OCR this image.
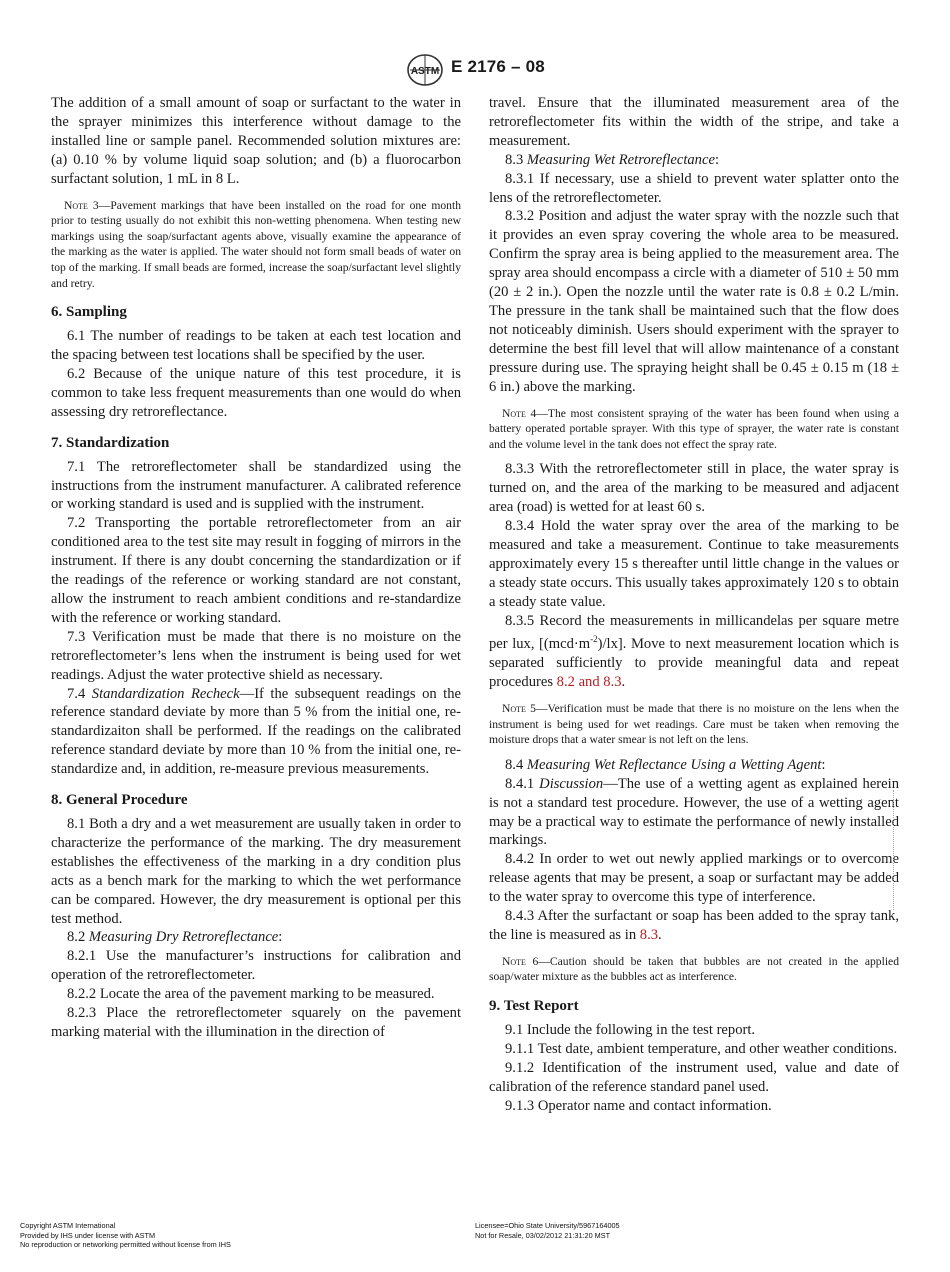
ASTM E 2176 – 08

The addition of a small amount of soap or surfactant to the water in the sprayer minimizes this interference without damage to the installed line or sample panel. Recommended solution mixtures are: (a) 0.10 % by volume liquid soap solution; and (b) a fluorocarbon surfactant solution, 1 mL in 8 L.

Note 3—Pavement markings that have been installed on the road for one month prior to testing usually do not exhibit this non-wetting phenomena. When testing new markings using the soap/surfactant agents above, visually examine the appearance of the marking as the water is applied. The water should not form small beads of water on top of the marking. If small beads are formed, increase the soap/surfactant level slightly and retry.

6. Sampling

6.1 The number of readings to be taken at each test location and the spacing between test locations shall be specified by the user.

6.2 Because of the unique nature of this test procedure, it is common to take less frequent measurements than one would do when assessing dry retroreflectance.

7. Standardization

7.1 The retroreflectometer shall be standardized using the instructions from the instrument manufacturer. A calibrated reference or working standard is used and is supplied with the instrument.

7.2 Transporting the portable retroreflectometer from an air conditioned area to the test site may result in fogging of mirrors in the instrument. If there is any doubt concerning the standardization or if the readings of the reference or working standard are not constant, allow the instrument to reach ambient conditions and re-standardize with the reference or working standard.

7.3 Verification must be made that there is no moisture on the retroreflectometer’s lens when the instrument is being used for wet readings. Adjust the water protective shield as necessary.

7.4 Standardization Recheck—If the subsequent readings on the reference standard deviate by more than 5 % from the initial one, re-standardizaiton shall be performed. If the readings on the calibrated reference standard deviate by more than 10 % from the initial one, re-standardize and, in addition, re-measure previous measurements.

8. General Procedure

8.1 Both a dry and a wet measurement are usually taken in order to characterize the performance of the marking. The dry measurement establishes the effectiveness of the marking in a dry condition plus acts as a bench mark for the marking to which the wet performance can be compared. However, the dry measurement is optional per this test method.

8.2 Measuring Dry Retroreflectance:

8.2.1 Use the manufacturer’s instructions for calibration and operation of the retroreflectometer.

8.2.2 Locate the area of the pavement marking to be measured.

8.2.3 Place the retroreflectometer squarely on the pavement marking material with the illumination in the direction of

travel. Ensure that the illuminated measurement area of the retroreflectometer fits within the width of the stripe, and take a measurement.

8.3 Measuring Wet Retroreflectance:

8.3.1 If necessary, use a shield to prevent water splatter onto the lens of the retroreflectometer.

8.3.2 Position and adjust the water spray with the nozzle such that it provides an even spray covering the whole area to be measured. Confirm the spray area is being applied to the measurement area. The spray area should encompass a circle with a diameter of 510 ± 50 mm (20 ± 2 in.). Open the nozzle until the water rate is 0.8 ± 0.2 L/min. The pressure in the tank shall be maintained such that the flow does not noticeably diminish. Users should experiment with the sprayer to determine the best fill level that will allow maintenance of a constant pressure during use. The spraying height shall be 0.45 ± 0.15 m (18 ± 6 in.) above the marking.

Note 4—The most consistent spraying of the water has been found when using a battery operated portable sprayer. With this type of sprayer, the water rate is constant and the volume level in the tank does not effect the spray rate.

8.3.3 With the retroreflectometer still in place, the water spray is turned on, and the area of the marking to be measured and adjacent area (road) is wetted for at least 60 s.

8.3.4 Hold the water spray over the area of the marking to be measured and take a measurement. Continue to take measurements approximately every 15 s thereafter until little change in the values or a steady state occurs. This usually takes approximately 120 s to obtain a steady state value.

8.3.5 Record the measurements in millicandelas per square metre per lux, $[(mcd\cdot m^{-2})/lx]$. Move to next measurement location which is separated sufficiently to provide meaningful data and repeat procedures 8.2 and 8.3.

Note 5—Verification must be made that there is no moisture on the lens when the instrument is being used for wet readings. Care must be taken when removing the moisture drops that a water smear is not left on the lens.

8.4 Measuring Wet Reflectance Using a Wetting Agent:

8.4.1 Discussion—The use of a wetting agent as explained herein is not a standard test procedure. However, the use of a wetting agent may be a practical way to estimate the performance of newly installed markings.

8.4.2 In order to wet out newly applied markings or to overcome release agents that may be present, a soap or surfactant may be added to the water spray to overcome this type of interference.

8.4.3 After the surfactant or soap has been added to the spray tank, the line is measured as in 8.3.

Note 6—Caution should be taken that bubbles are not created in the applied soap/water mixture as the bubbles act as interference.

9. Test Report

9.1 Include the following in the test report.

9.1.1 Test date, ambient temperature, and other weather conditions.

9.1.2 Identification of the instrument used, value and date of calibration of the reference standard panel used.

9.1.3 Operator name and contact information.

Copyright ASTM International
Provided by IHS under license with ASTM
No reproduction or networking permitted without license from IHS
Licensee=Ohio State University/5967164005
Not for Resale, 03/02/2012 21:31:20 MST
